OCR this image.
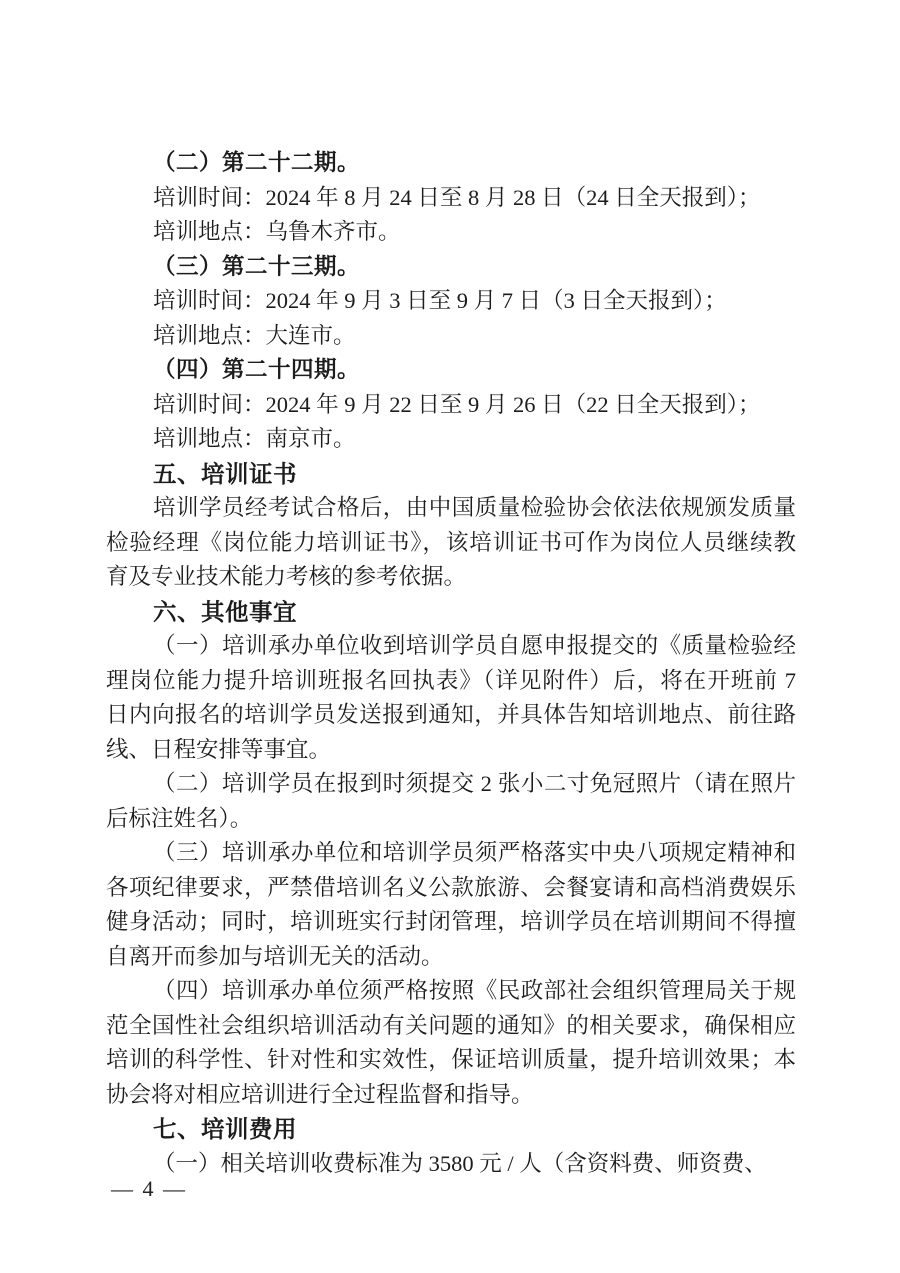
（二）第二十二期。
培训时间：2024 年 8 月 24 日至 8 月 28 日（24 日全天报到）；
培训地点：乌鲁木齐市。
（三）第二十三期。
培训时间：2024 年 9 月 3 日至 9 月 7 日（3 日全天报到）；
培训地点：大连市。
（四）第二十四期。
培训时间：2024 年 9 月 22 日至 9 月 26 日（22 日全天报到）；
培训地点：南京市。
五、培训证书
培训学员经考试合格后，由中国质量检验协会依法依规颁发质量
检验经理《岗位能力培训证书》，该培训证书可作为岗位人员继续教
育及专业技术能力考核的参考依据。
六、其他事宜
（一）培训承办单位收到培训学员自愿申报提交的《质量检验经
理岗位能力提升培训班报名回执表》（详见附件）后，将在开班前 7
日内向报名的培训学员发送报到通知，并具体告知培训地点、前往路
线、日程安排等事宜。
（二）培训学员在报到时须提交 2 张小二寸免冠照片（请在照片
后标注姓名）。
（三）培训承办单位和培训学员须严格落实中央八项规定精神和
各项纪律要求，严禁借培训名义公款旅游、会餐宴请和高档消费娱乐
健身活动；同时，培训班实行封闭管理，培训学员在培训期间不得擅
自离开而参加与培训无关的活动。
（四）培训承办单位须严格按照《民政部社会组织管理局关于规
范全国性社会组织培训活动有关问题的通知》的相关要求，确保相应
培训的科学性、针对性和实效性，保证培训质量，提升培训效果；本
协会将对相应培训进行全过程监督和指导。
七、培训费用
（一）相关培训收费标准为 3580 元 / 人（含资料费、师资费、
— 4 —
